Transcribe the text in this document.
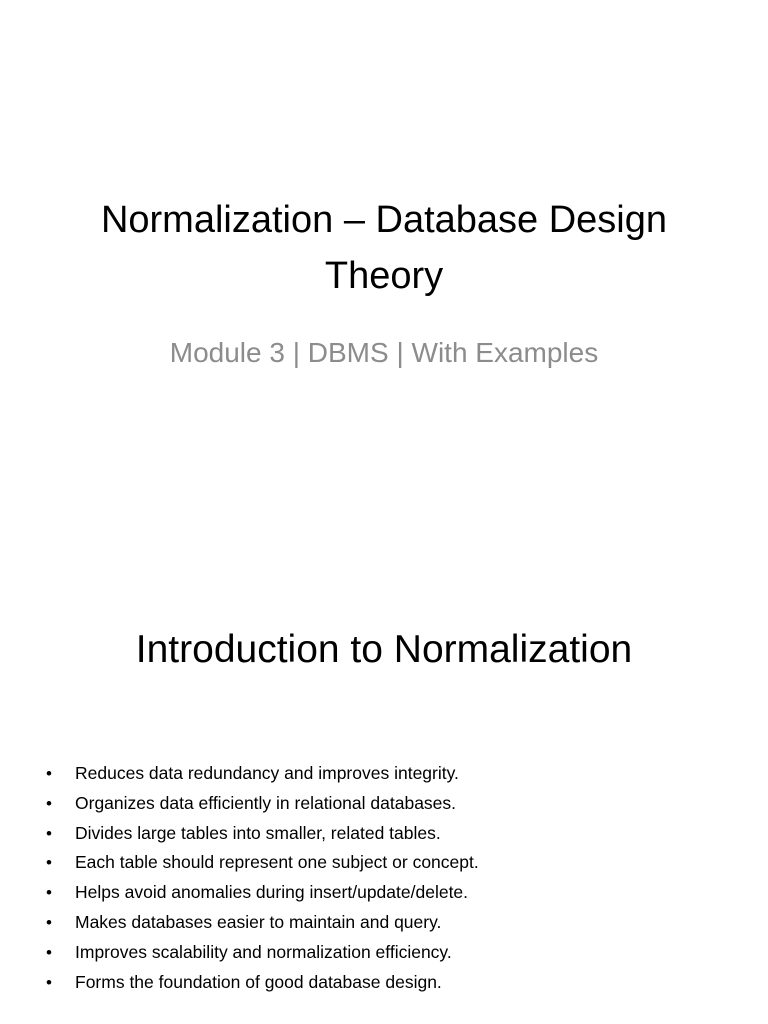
Normalization – Database Design
Theory

Module 3 | DBMS | With Examples

Introduction to Normalization
• Reduces data redundancy and improves integrity.
• Organizes data efficiently in relational databases.
• Divides large tables into smaller, related tables.
• Each table should represent one subject or concept.
• Helps avoid anomalies during insert/update/delete.
• Makes databases easier to maintain and query.
• Improves scalability and normalization efficiency.
• Forms the foundation of good database design.
